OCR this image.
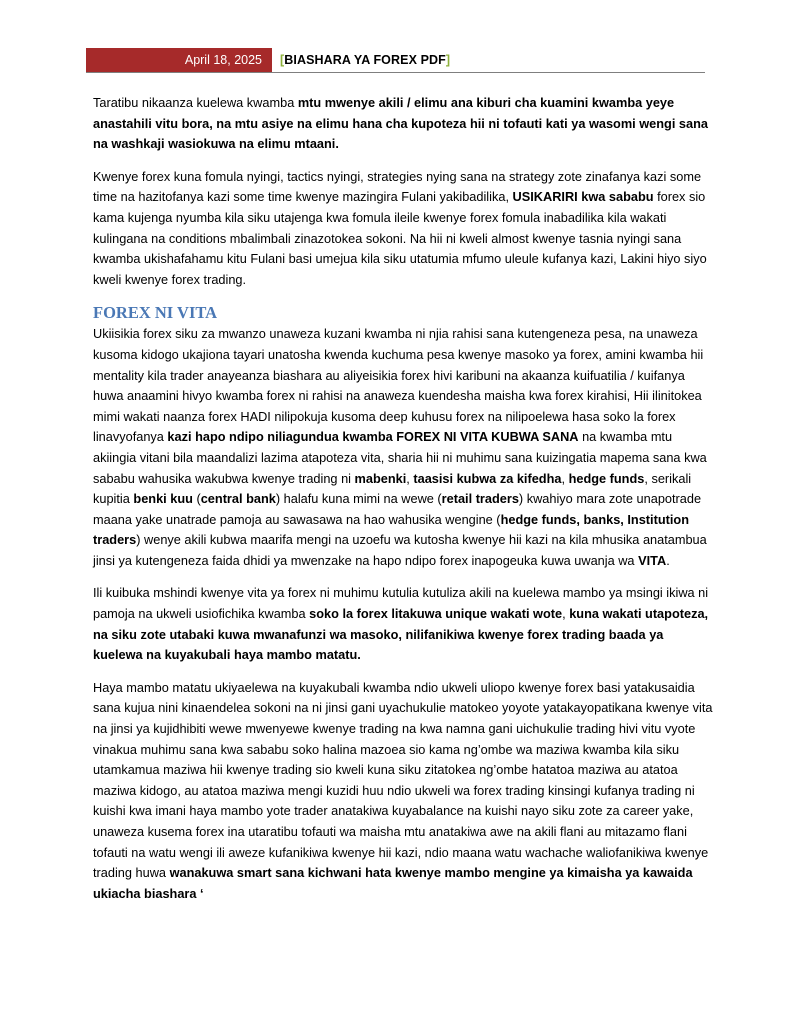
April 18, 2025	[BIASHARA YA FOREX PDF]

Taratibu nikaanza kuelewa kwamba mtu mwenye akili / elimu ana kiburi cha kuamini kwamba yeye anastahili vitu bora, na mtu asiye na elimu hana cha kupoteza hii ni tofauti kati ya wasomi wengi sana na washkaji wasiokuwa na elimu mtaani.

Kwenye forex kuna fomula nyingi, tactics nyingi, strategies nying sana na strategy zote zinafanya kazi some time na hazitofanya kazi some time kwenye mazingira Fulani yakibadilika, USIKARIRI kwa sababu forex sio kama kujenga nyumba kila siku utajenga kwa fomula ileile kwenye forex fomula inabadilika kila wakati kulingana na conditions mbalimbali zinazotokea sokoni. Na hii ni kweli almost kwenye tasnia nyingi sana kwamba ukishafahamu kitu Fulani basi umejua kila siku utatumia mfumo uleule kufanya kazi, Lakini hiyo siyo kweli kwenye forex trading.

FOREX NI VITA

Ukiisikia forex siku za mwanzo unaweza kuzani kwamba ni njia rahisi sana kutengeneza pesa, na unaweza kusoma kidogo ukajiona tayari unatosha kwenda kuchuma pesa kwenye masoko ya forex, amini kwamba hii mentality kila trader anayeanza biashara au aliyeisikia forex hivi karibuni na akaanza kuifuatilia / kuifanya huwa anaamini hivyo kwamba forex ni rahisi na anaweza kuendesha maisha kwa forex kirahisi, Hii ilinitokea mimi wakati naanza forex HADI nilipokuja kusoma deep kuhusu forex na nilipoelewa hasa soko la forex linavyofanya kazi hapo ndipo niliagundua kwamba FOREX NI VITA KUBWA SANA na kwamba mtu akiingia vitani bila maandalizi lazima atapoteza vita, sharia hii ni muhimu sana kuizingatia mapema sana kwa sababu wahusika wakubwa kwenye trading ni mabenki, taasisi kubwa za kifedha, hedge funds, serikali kupitia benki kuu (central bank) halafu kuna mimi na wewe (retail traders) kwahiyo mara zote unapotrade maana yake unatrade pamoja au sawasawa na hao wahusika wengine (hedge funds, banks, Institution traders) wenye akili kubwa maarifa mengi na uzoefu wa kutosha kwenye hii kazi na kila mhusika anatambua jinsi ya kutengeneza faida dhidi ya mwenzake na hapo ndipo forex inapogeuka kuwa uwanja wa VITA.

Ili kuibuka mshindi kwenye vita ya forex ni muhimu kutulia kutuliza akili na kuelewa mambo ya msingi ikiwa ni pamoja na ukweli usiofichika kwamba soko la forex litakuwa unique wakati wote, kuna wakati utapoteza, na siku zote utabaki kuwa mwanafunzi wa masoko, nilifanikiwa kwenye forex trading baada ya kuelewa na kuyakubali haya mambo matatu.

Haya mambo matatu ukiyaelewa na kuyakubali kwamba ndio ukweli uliopo kwenye forex basi yatakusaidia sana kujua nini kinaendelea sokoni na ni jinsi gani uyachukulie matokeo yoyote yatakayopatikana kwenye vita na jinsi ya kujidhibiti wewe mwenyewe kwenye trading na kwa namna gani uichukulie trading hivi vitu vyote vinakua muhimu sana kwa sababu soko halina mazoea sio kama ng’ombe wa maziwa kwamba kila siku utamkamua maziwa hii kwenye trading sio kweli kuna siku zitatokea ng’ombe hatatoa maziwa au atatoa maziwa kidogo, au atatoa maziwa mengi kuzidi huu ndio ukweli wa forex trading kinsingi kufanya trading ni kuishi kwa imani haya mambo yote trader anatakiwa kuyabalance na kuishi nayo siku zote za career yake, unaweza kusema forex ina utaratibu tofauti wa maisha mtu anatakiwa awe na akili flani au mitazamo flani tofauti na watu wengi ili aweze kufanikiwa kwenye hii kazi, ndio maana watu wachache waliofanikiwa kwenye trading huwa wanakuwa smart sana kichwani hata kwenye mambo mengine ya kimaisha ya kawaida ukiacha biashara ‘
